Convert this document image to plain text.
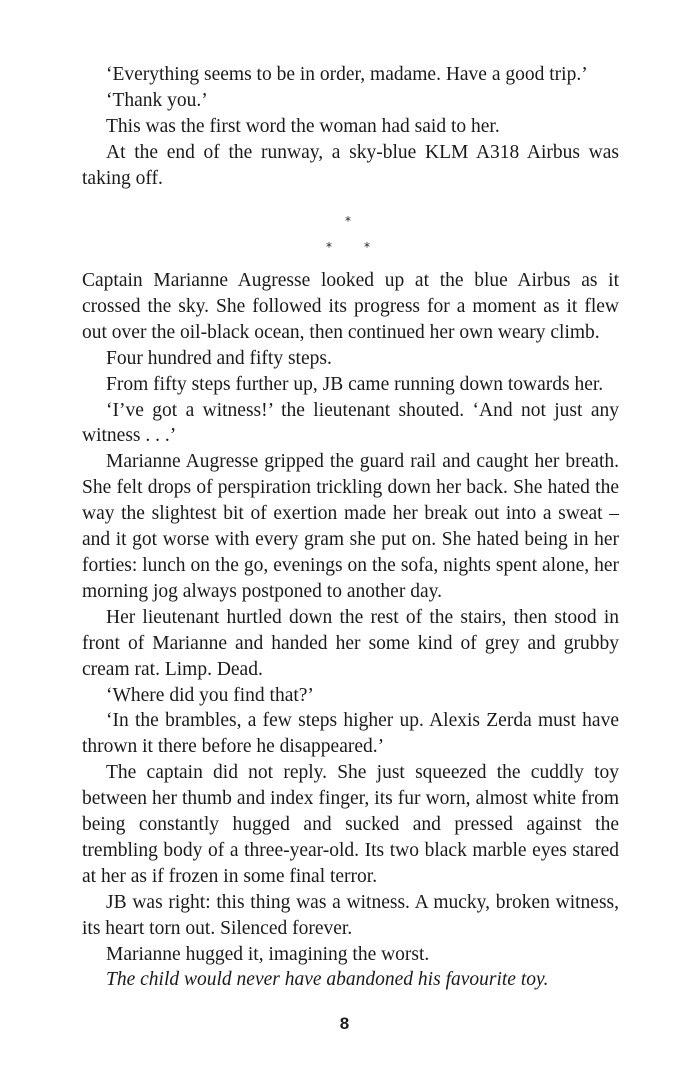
‘Everything seems to be in order, madame. Have a good trip.’

‘Thank you.’

This was the first word the woman had said to her.

At the end of the runway, a sky-blue KLM A318 Airbus was taking off.

*
*	*

Captain Marianne Augresse looked up at the blue Airbus as it crossed the sky. She followed its progress for a moment as it flew out over the oil-black ocean, then continued her own weary climb.

Four hundred and fifty steps.

From fifty steps further up, JB came running down towards her.

‘I’ve got a witness!’ the lieutenant shouted. ‘And not just any witness . . .’

Marianne Augresse gripped the guard rail and caught her breath. She felt drops of perspiration trickling down her back. She hated the way the slightest bit of exertion made her break out into a sweat – and it got worse with every gram she put on. She hated being in her forties: lunch on the go, evenings on the sofa, nights spent alone, her morning jog always postponed to another day.

Her lieutenant hurtled down the rest of the stairs, then stood in front of Marianne and handed her some kind of grey and grubby cream rat. Limp. Dead.

‘Where did you find that?’

‘In the brambles, a few steps higher up. Alexis Zerda must have thrown it there before he disappeared.’

The captain did not reply. She just squeezed the cuddly toy between her thumb and index finger, its fur worn, almost white from being constantly hugged and sucked and pressed against the trembling body of a three-year-old. Its two black marble eyes stared at her as if frozen in some final terror.

JB was right: this thing was a witness. A mucky, broken witness, its heart torn out. Silenced forever.

Marianne hugged it, imagining the worst.

The child would never have abandoned his favourite toy.

8
